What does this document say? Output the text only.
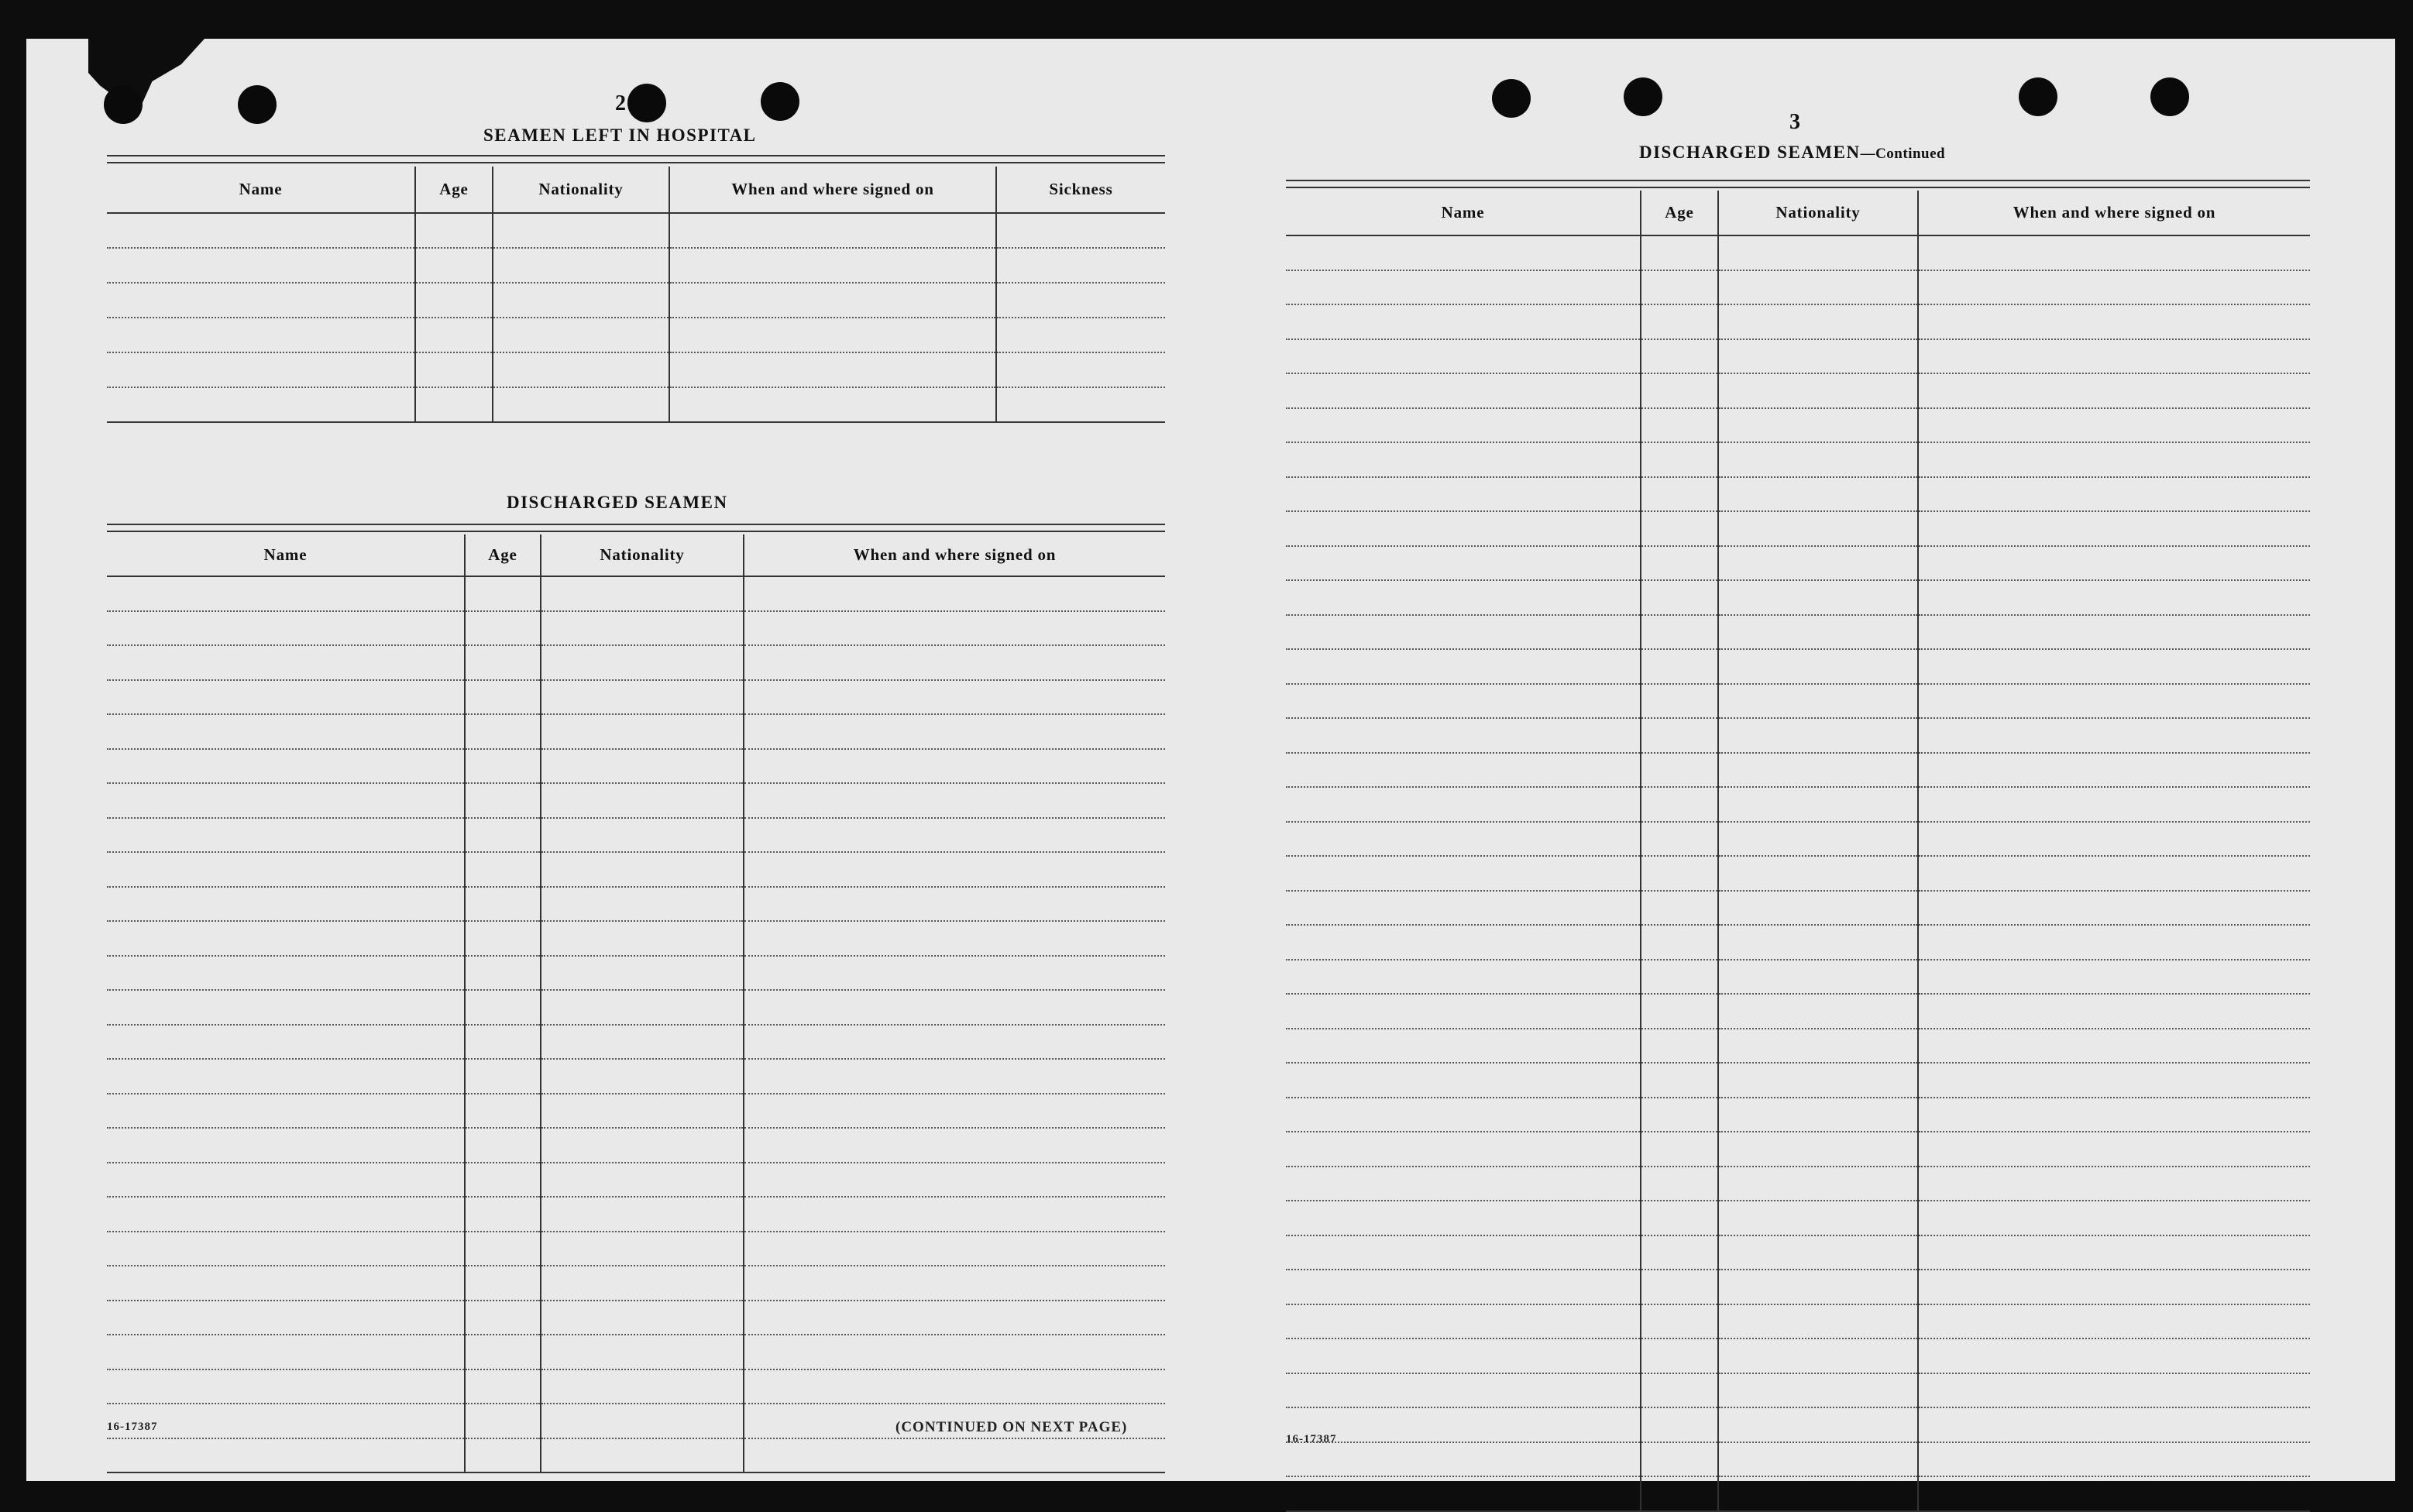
2
SEAMEN LEFT IN HOSPITAL
Name	Age	Nationality	When and where signed on	Sickness

DISCHARGED SEAMEN
Name	Age	Nationality	When and where signed on

16-17387	(CONTINUED ON NEXT PAGE)
3
DISCHARGED SEAMEN—Continued
Name	Age	Nationality	When and where signed on

16-17387
